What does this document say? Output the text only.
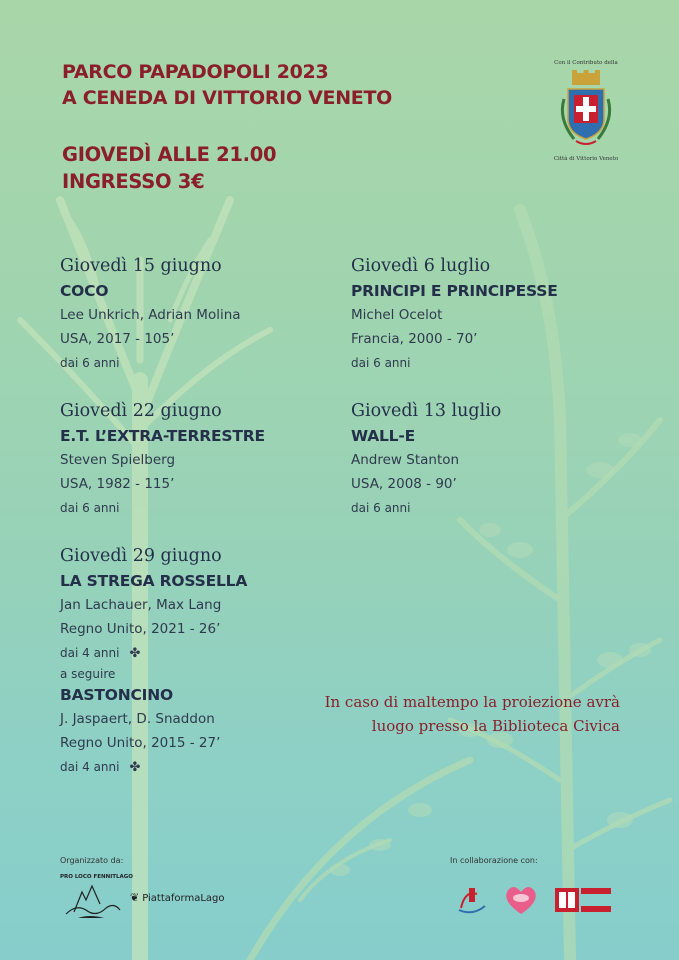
PARCO PAPADOPOLI 2023
A CENEDA DI VITTORIO VENETO
GIOVEDÌ ALLE 21.00
INGRESSO 3€
Con il Contributo della
Città di Vittorio Veneto
Giovedì 15 giugno
COCO
Lee Unkrich, Adrian Molina
USA, 2017 - 105’
dai 6 anni
Giovedì 6 luglio
PRINCIPI E PRINCIPESSE
Michel Ocelot
Francia, 2000 - 70’
dai 6 anni
Giovedì 22 giugno
E.T. L’EXTRA-TERRESTRE
Steven Spielberg
USA, 1982 - 115’
dai 6 anni
Giovedì 13 luglio
WALL-E
Andrew Stanton
USA, 2008 - 90’
dai 6 anni
Giovedì 29 giugno
LA STREGA ROSSELLA
Jan Lachauer, Max Lang
Regno Unito, 2021 - 26’
dai 4 anni ✤
a seguire
BASTONCINO
J. Jaspaert, D. Snaddon
Regno Unito, 2015 - 27’
dai 4 anni ✤
In caso di maltempo la proiezione avrà
luogo presso la Biblioteca Civica
Organizzato da:	In collaborazione con:
PRO LOCO FENNITLAGO
❦ PiattaformaLago
